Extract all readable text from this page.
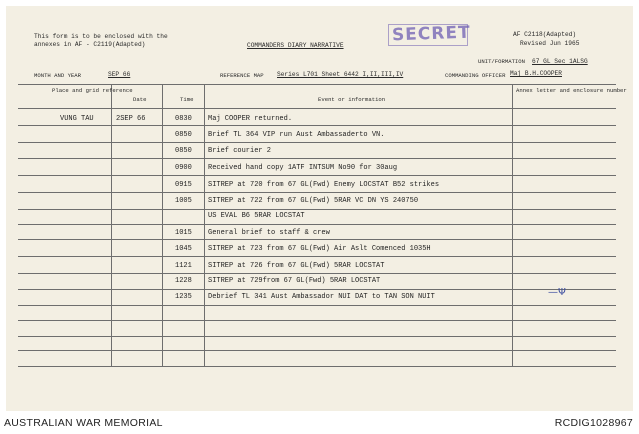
This form is to be enclosed with the
annexes in AF - C2119(Adapted)	COMMANDERS DIARY NARRATIVE
SECRET	AF C2118(Adapted)
Revised Jun 1965
UNIT/FORMATION 67 GL Sec 1ALSG
MONTH AND YEAR	SEP 66	REFERENCE MAP Series L701 Sheet 6442 I,II,III,IV	COMMANDING OFFICER Maj B.H.COOPER
Place and grid reference
Date	Time	Event or information
Annex letter and enclosure number
VUNG TAU	2SEP 66	0830 Maj COOPER returned.
0850 Brief TL 364 VIP run Aust Ambassaderto VN.
0850 Brief courier 2
0900 Received hand copy 1ATF INTSUM No90 for 30aug
0915 SITREP at 720 from 67 GL(Fwd) Enemy LOCSTAT B52 strikes
1005 SITREP at 722 from 67 GL(Fwd) 5RAR VC DN YS 240750
US EVAL B6 5RAR LOCSTAT
1015 General brief to staff & crew
1045 SITREP at 723 from 67 GL(Fwd) Air Aslt Comenced 1035H
1121 SITREP at 726 from 67 GL(Fwd) 5RAR LOCSTAT
1228 SITREP at 729from 67 GL(Fwd) 5RAR LOCSTAT
1235 Debrief TL 341 Aust Ambassador NUI DAT to TAN SON NUIT	—Ψ
AUSTRALIAN WAR MEMORIAL	RCDIG1028967
